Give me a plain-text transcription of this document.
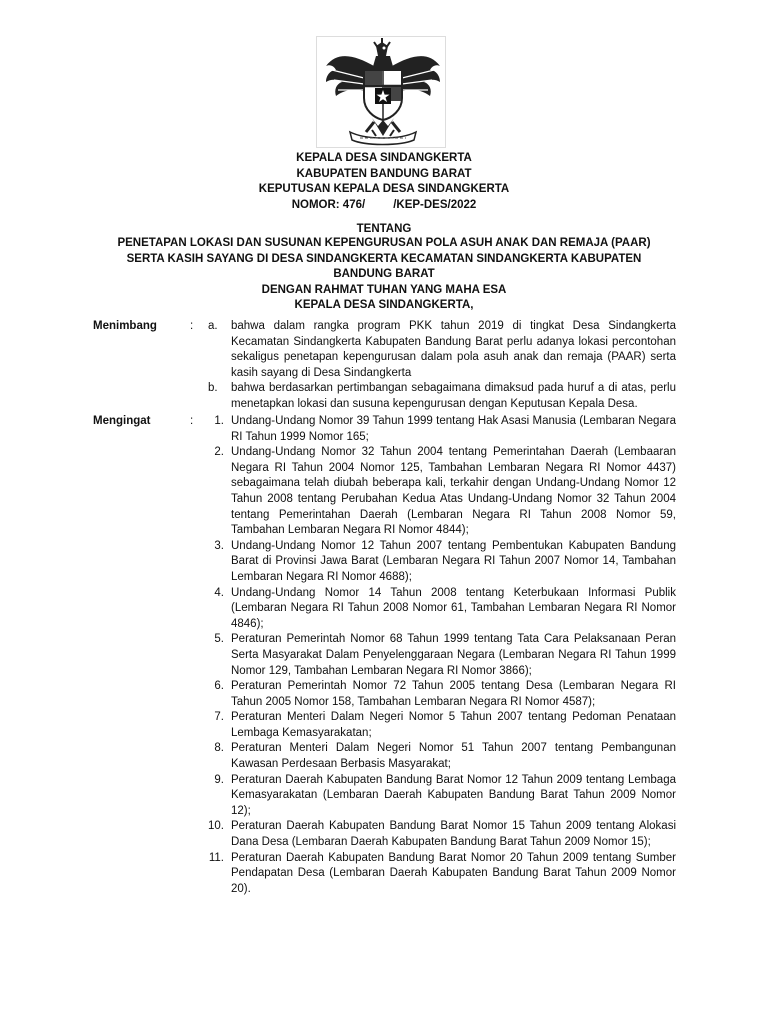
KEPALA DESA SINDANGKERTA
KABUPATEN BANDUNG BARAT
KEPUTUSAN KEPALA DESA SINDANGKERTA
NOMOR: 476/ /KEP-DES/2022
TENTANG
PENETAPAN LOKASI DAN SUSUNAN KEPENGURUSAN POLA ASUH ANAK DAN REMAJA (PAAR)
SERTA KASIH SAYANG DI DESA SINDANGKERTA KECAMATAN SINDANGKERTA KABUPATEN BANDUNG BARAT
DENGAN RAHMAT TUHAN YANG MAHA ESA
KEPALA DESA SINDANGKERTA,
Menimbang	: a.	bahwa dalam rangka program PKK tahun 2019 di tingkat Desa Sindangkerta Kecamatan Sindangkerta Kabupaten Bandung Barat perlu adanya lokasi percontohan sekaligus penetapan kepengurusan dalam pola asuh anak dan remaja (PAAR) serta kasih sayang di Desa Sindangkerta
b.	bahwa berdasarkan pertimbangan sebagaimana dimaksud pada huruf a di atas, perlu menetapkan lokasi dan susuna kepengurusan dengan Keputusan Kepala Desa.
Mengingat	:	1. Undang-Undang Nomor 39 Tahun 1999 tentang Hak Asasi Manusia (Lembaran Negara RI Tahun 1999 Nomor 165;
2. Undang-Undang Nomor 32 Tahun 2004 tentang Pemerintahan Daerah (Lembaaran Negara RI Tahun 2004 Nomor 125, Tambahan Lembaran Negara RI Nomor 4437) sebagaimana telah diubah beberapa kali, terkahir dengan Undang-Undang Nomor 12 Tahun 2008 tentang Perubahan Kedua Atas Undang-Undang Nomor 32 Tahun 2004 tentang Pemerintahan Daerah (Lembaran Negara RI Tahun 2008 Nomor 59, Tambahan Lembaran Negara RI Nomor 4844);
3. Undang-Undang Nomor 12 Tahun 2007 tentang Pembentukan Kabupaten Bandung Barat di Provinsi Jawa Barat (Lembaran Negara RI Tahun 2007 Nomor 14, Tambahan Lembaran Negara RI Nomor 4688);
4. Undang-Undang Nomor 14 Tahun 2008 tentang Keterbukaan Informasi Publik (Lembaran Negara RI Tahun 2008 Nomor 61, Tambahan Lembaran Negara RI Nomor 4846);
5. Peraturan Pemerintah Nomor 68 Tahun 1999 tentang Tata Cara Pelaksanaan Peran Serta Masyarakat Dalam Penyelenggaraan Negara (Lembaran Negara RI Tahun 1999 Nomor 129, Tambahan Lembaran Negara RI Nomor 3866);
6. Peraturan Pemerintah Nomor 72 Tahun 2005 tentang Desa (Lembaran Negara RI Tahun 2005 Nomor 158, Tambahan Lembaran Negara RI Nomor 4587);
7. Peraturan Menteri Dalam Negeri Nomor 5 Tahun 2007 tentang Pedoman Penataan Lembaga Kemasyarakatan;
8. Peraturan Menteri Dalam Negeri Nomor 51 Tahun 2007 tentang Pembangunan Kawasan Perdesaan Berbasis Masyarakat;
9. Peraturan Daerah Kabupaten Bandung Barat Nomor 12 Tahun 2009 tentang Lembaga Kemasyarakatan (Lembaran Daerah Kabupaten Bandung Barat Tahun 2009 Nomor 12);
10. Peraturan Daerah Kabupaten Bandung Barat Nomor 15 Tahun 2009 tentang Alokasi Dana Desa (Lembaran Daerah Kabupaten Bandung Barat Tahun 2009 Nomor 15);
11. Peraturan Daerah Kabupaten Bandung Barat Nomor 20 Tahun 2009 tentang Sumber Pendapatan Desa (Lembaran Daerah Kabupaten Bandung Barat Tahun 2009 Nomor 20).
